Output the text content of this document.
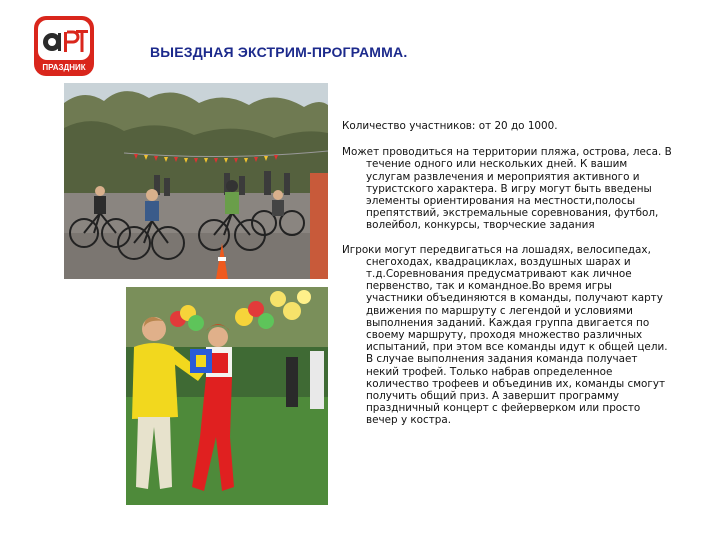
ПРАЗДНИК
ВЫЕЗДНАЯ ЭКСТРИМ-ПРОГРАММА.

Количество участников: от 20 до 1000.

Может проводиться на территории пляжа, острова, леса. В течение одного или нескольких дней. К вашим услугам развлечения и мероприятия активного и туристского характера. В игру могут быть введены элементы ориентирования на местности,полосы препятствий, экстремальные соревнования, футбол, волейбол, конкурсы, творческие задания

Игроки могут передвигаться на лошадях, велосипедах, снегоходах, квадрациклах, воздушных шарах и т.д.Соревнования предусматривают как личное первенство, так и командное.Во время игры участники объединяются в команды, получают карту движения по маршруту с легендой и условиями выполнения заданий. Каждая группа двигается по своему маршруту, проходя множество различных испытаний, при этом все команды идут к общей цели. В случае выполнения задания команда получает некий трофей. Только набрав определенное количество трофеев и объединив их, команды смогут получить общий приз. А завершит программу праздничный концерт с фейерверком или просто вечер у костра.
